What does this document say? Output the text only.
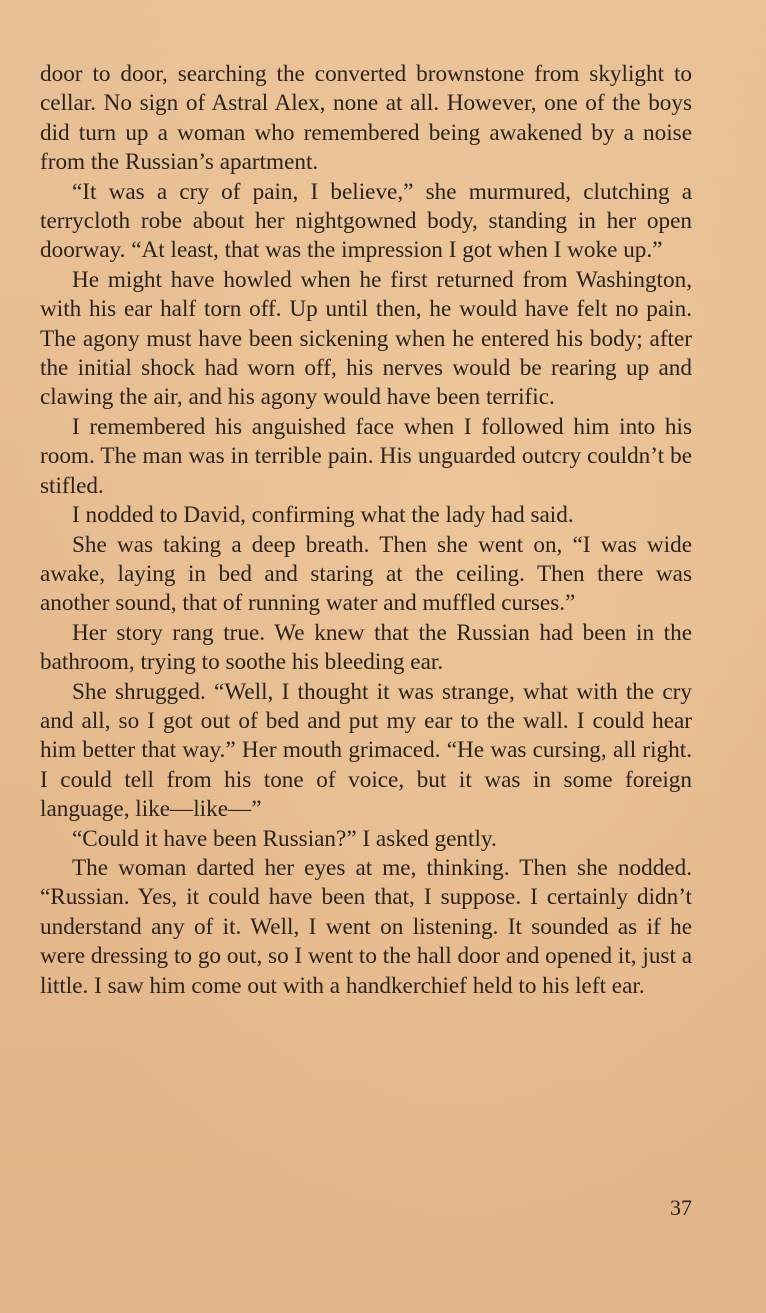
door to door, searching the converted brownstone from skylight to cellar. No sign of Astral Alex, none at all. However, one of the boys did turn up a woman who remembered being awakened by a noise from the Russian’s apartment.

“It was a cry of pain, I believe,” she murmured, clutching a terrycloth robe about her nightgowned body, standing in her open doorway. “At least, that was the impression I got when I woke up.”

He might have howled when he first returned from Washington, with his ear half torn off. Up until then, he would have felt no pain. The agony must have been sickening when he entered his body; after the initial shock had worn off, his nerves would be rearing up and clawing the air, and his agony would have been terrific.

I remembered his anguished face when I followed him into his room. The man was in terrible pain. His unguarded outcry couldn’t be stifled.

I nodded to David, confirming what the lady had said.

She was taking a deep breath. Then she went on, “I was wide awake, laying in bed and staring at the ceiling. Then there was another sound, that of running water and muffled curses.”

Her story rang true. We knew that the Russian had been in the bathroom, trying to soothe his bleeding ear.

She shrugged. “Well, I thought it was strange, what with the cry and all, so I got out of bed and put my ear to the wall. I could hear him better that way.” Her mouth grimaced. “He was cursing, all right. I could tell from his tone of voice, but it was in some foreign language, like—like—”

“Could it have been Russian?” I asked gently.

The woman darted her eyes at me, thinking. Then she nodded. “Russian. Yes, it could have been that, I suppose. I certainly didn’t understand any of it. Well, I went on listening. It sounded as if he were dressing to go out, so I went to the hall door and opened it, just a little. I saw him come out with a handkerchief held to his left ear.

37
